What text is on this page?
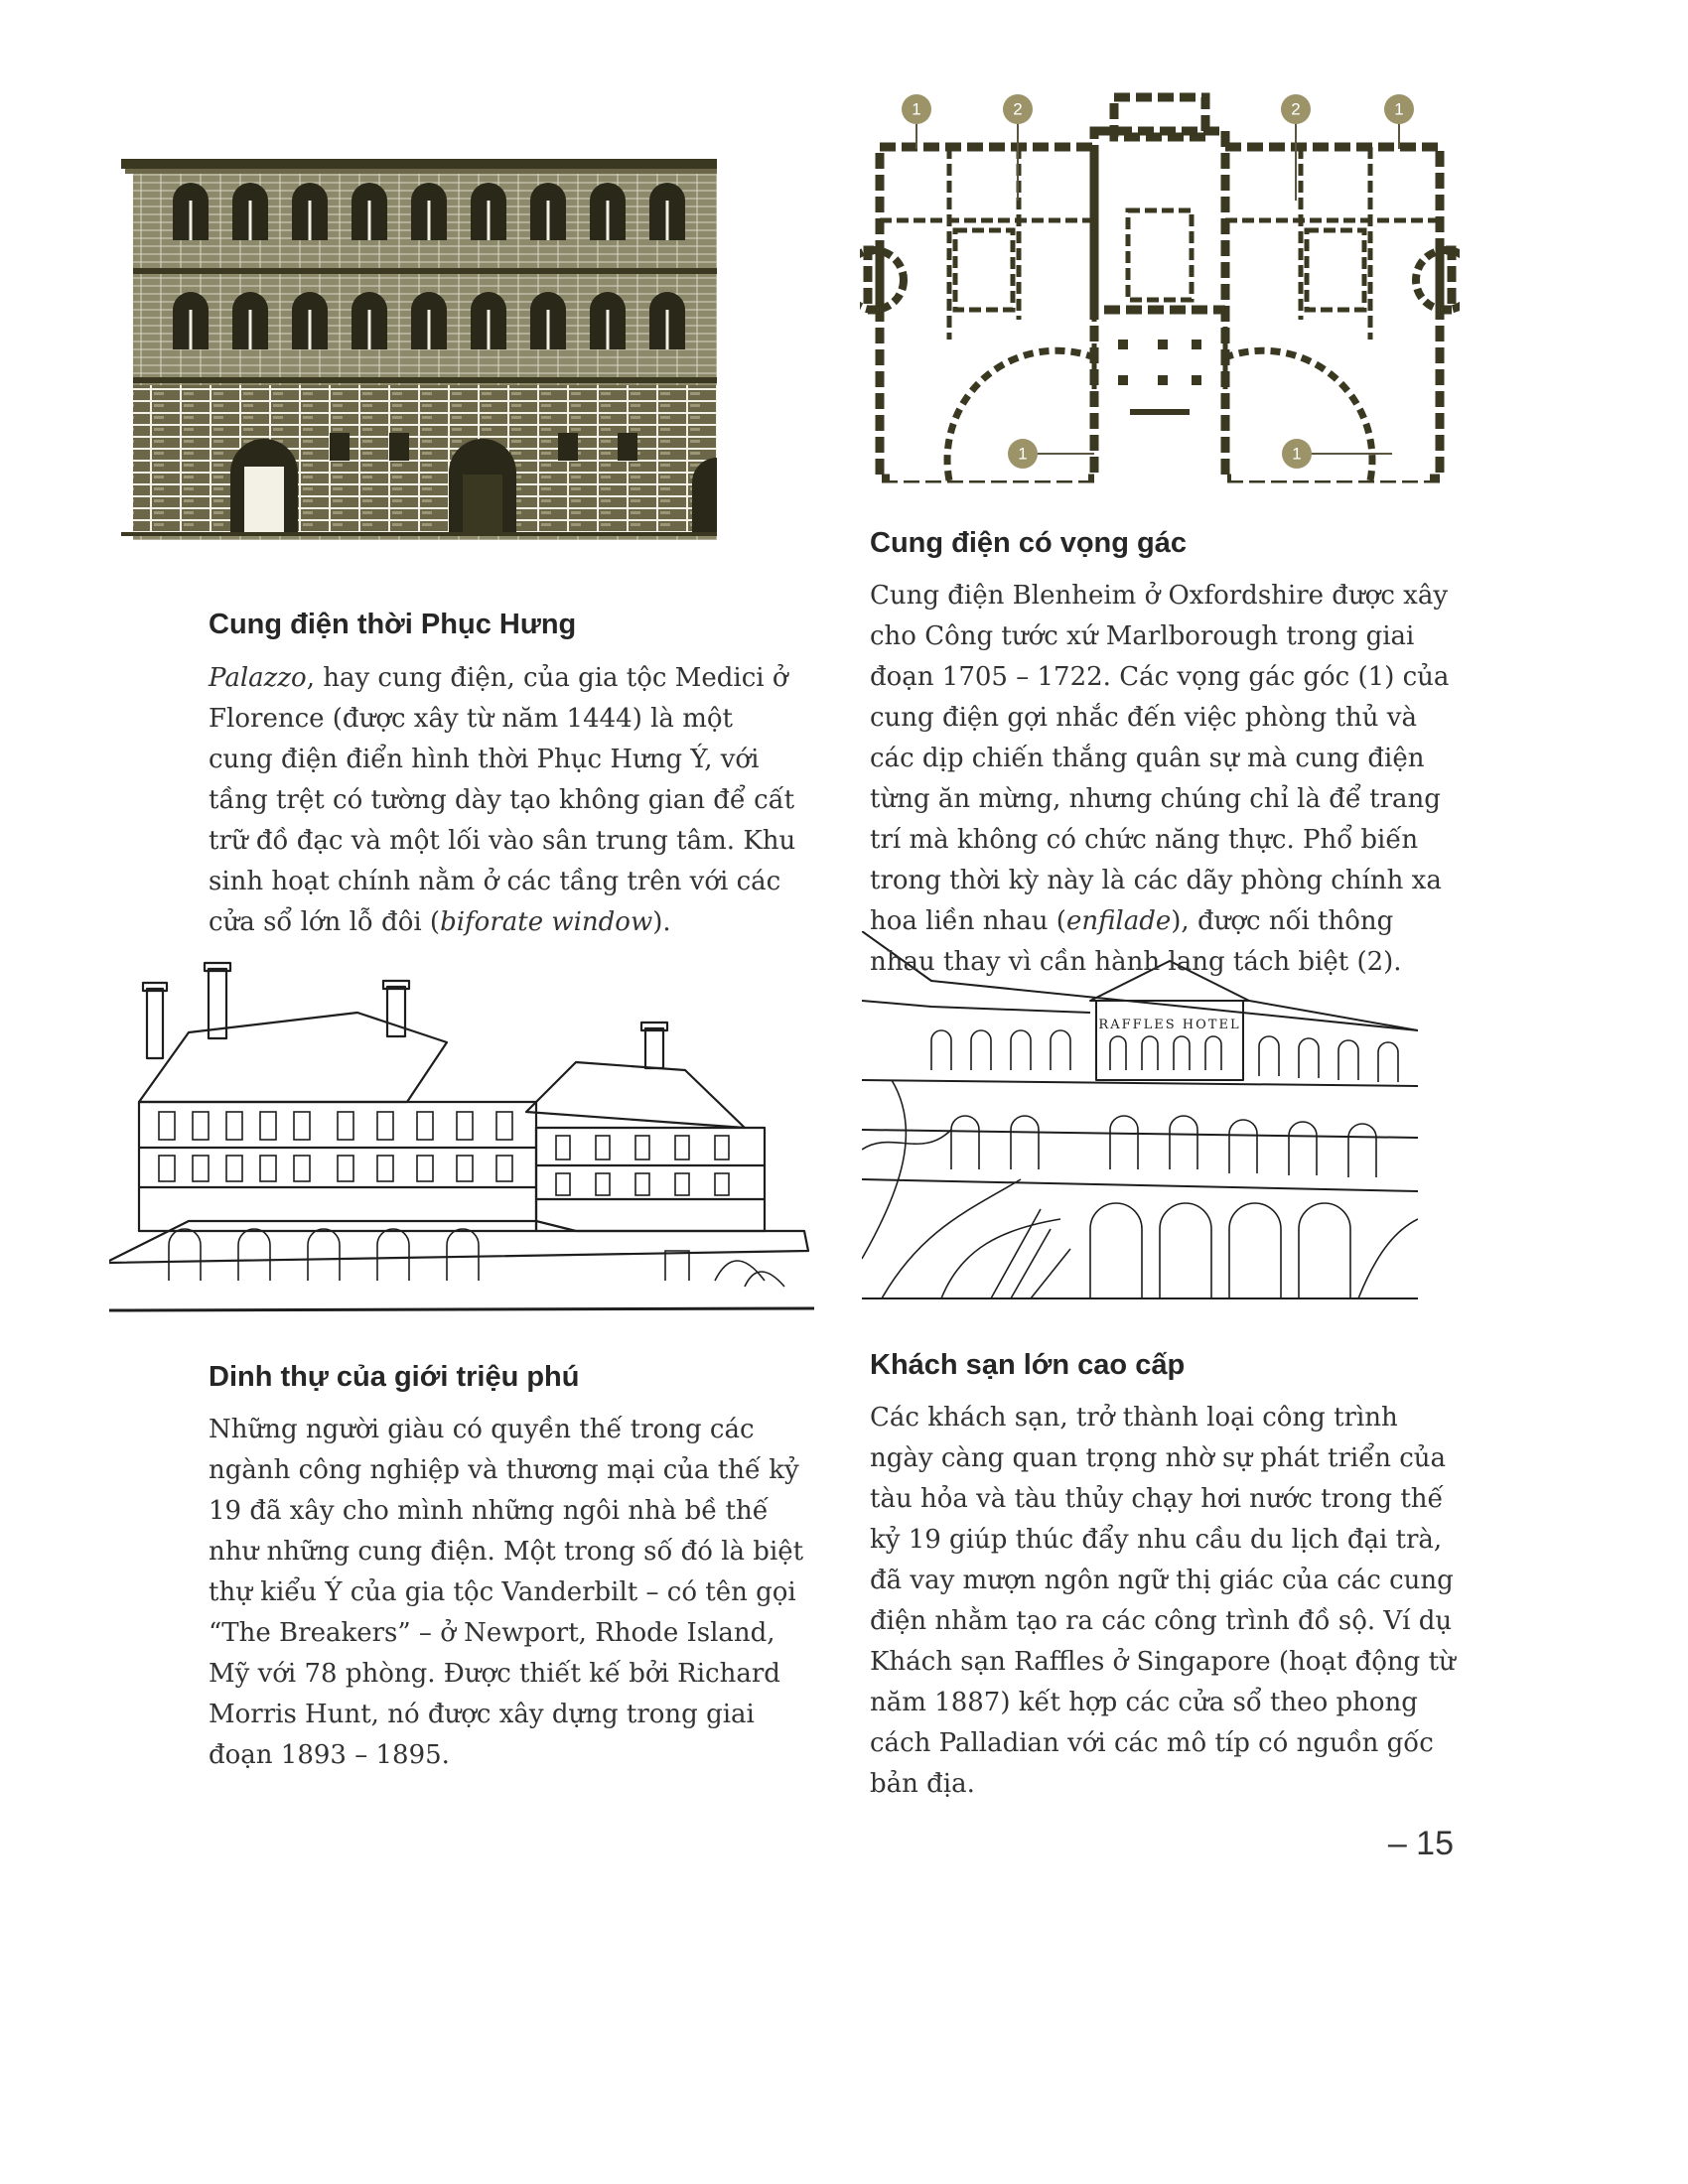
1	2	2	1
1	1
RAFFLES HOTEL
Cung điện thời Phục Hưng

Palazzo, hay cung điện, của gia tộc Medici ở Florence (được xây từ năm 1444) là một cung điện điển hình thời Phục Hưng Ý, với tầng trệt có tường dày tạo không gian để cất trữ đồ đạc và một lối vào sân trung tâm. Khu sinh hoạt chính nằm ở các tầng trên với các cửa sổ lớn lỗ đôi (biforate window).

Cung điện có vọng gác

Cung điện Blenheim ở Oxfordshire được xây cho Công tước xứ Marlborough trong giai đoạn 1705 – 1722. Các vọng gác góc (1) của cung điện gợi nhắc đến việc phòng thủ và các dịp chiến thắng quân sự mà cung điện từng ăn mừng, nhưng chúng chỉ là để trang trí mà không có chức năng thực. Phổ biến trong thời kỳ này là các dãy phòng chính xa hoa liền nhau (enfilade), được nối thông nhau thay vì cần hành lang tách biệt (2).

Dinh thự của giới triệu phú

Những người giàu có quyền thế trong các ngành công nghiệp và thương mại của thế kỷ 19 đã xây cho mình những ngôi nhà bề thế như những cung điện. Một trong số đó là biệt thự kiểu Ý của gia tộc Vanderbilt – có tên gọi “The Breakers” – ở Newport, Rhode Island, Mỹ với 78 phòng. Được thiết kế bởi Richard Morris Hunt, nó được xây dựng trong giai đoạn 1893 – 1895.

Khách sạn lớn cao cấp

Các khách sạn, trở thành loại công trình ngày càng quan trọng nhờ sự phát triển của tàu hỏa và tàu thủy chạy hơi nước trong thế kỷ 19 giúp thúc đẩy nhu cầu du lịch đại trà, đã vay mượn ngôn ngữ thị giác của các cung điện nhằm tạo ra các công trình đồ sộ. Ví dụ Khách sạn Raffles ở Singapore (hoạt động từ năm 1887) kết hợp các cửa sổ theo phong cách Palladian với các mô típ có nguồn gốc bản địa.

– 15
